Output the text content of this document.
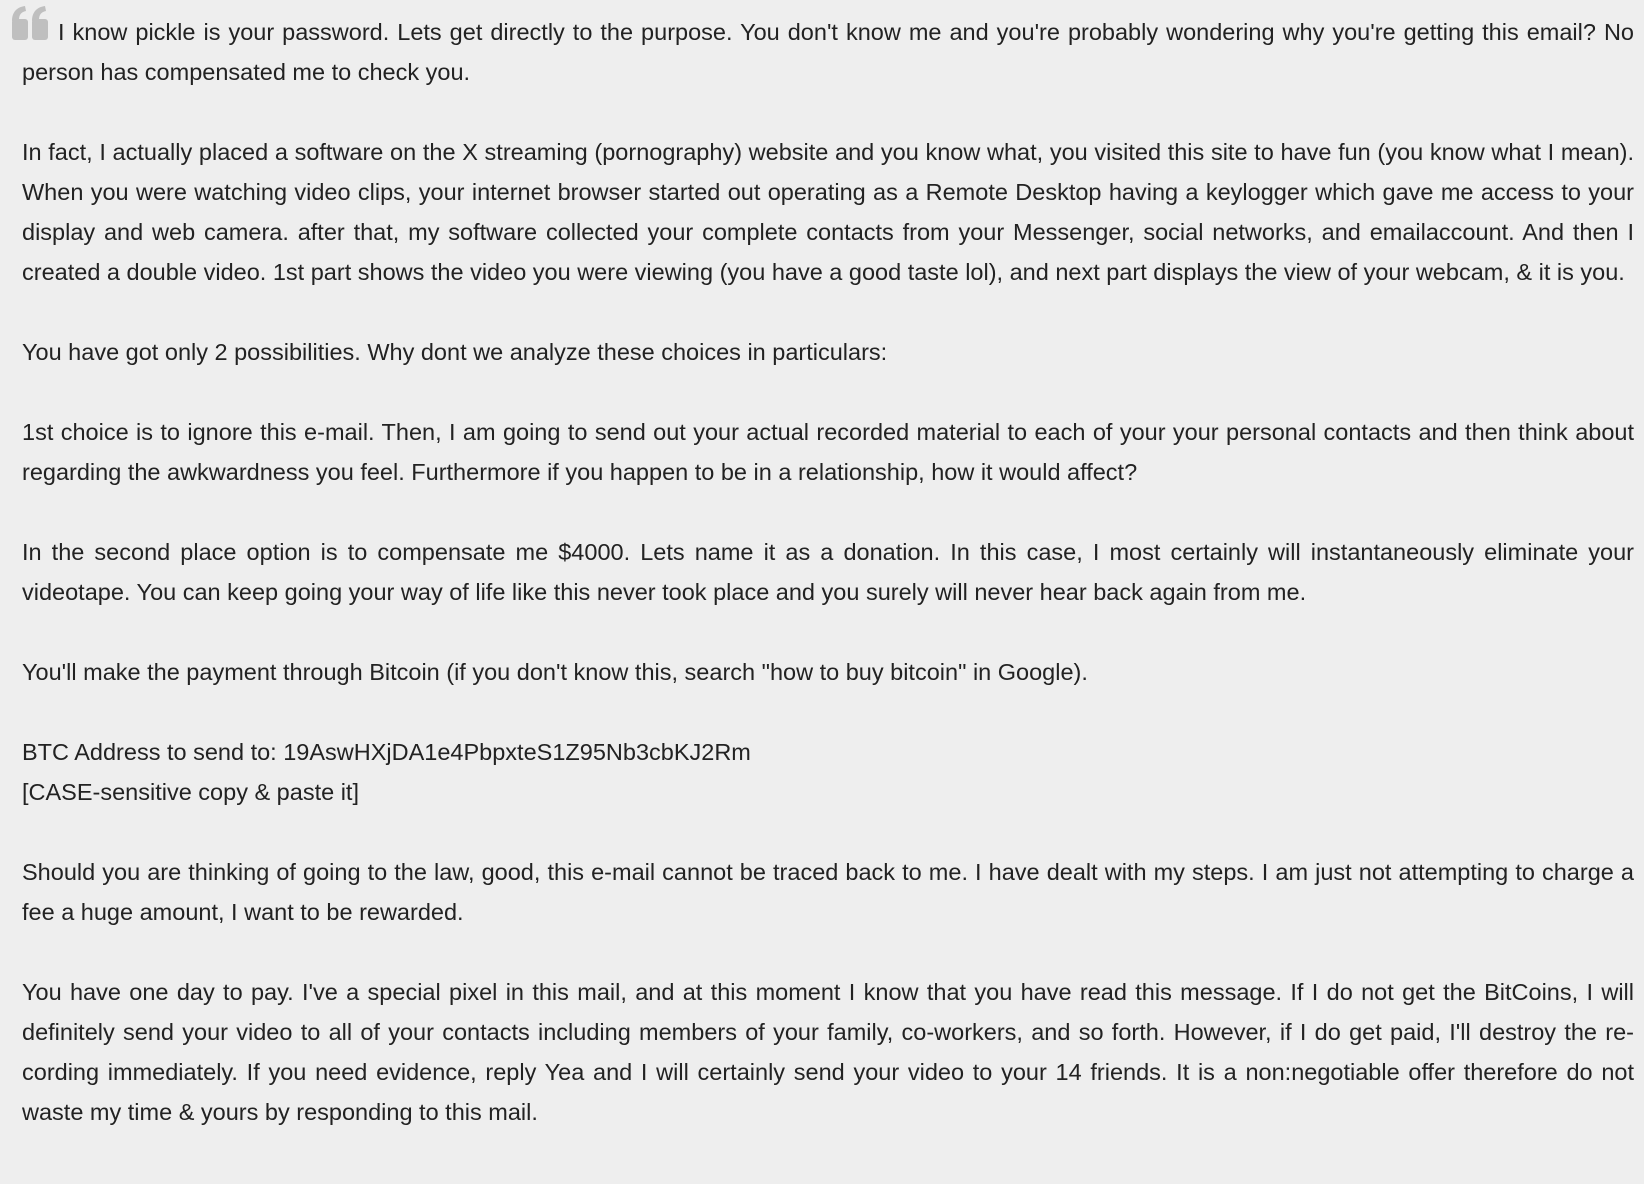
I know pickle is your password. Lets get directly to the purpose. You don't know me and you're probably wondering why you're getting this email? No person has compensated me to check you.

In fact, I actually placed a software on the X streaming (pornography) website and you know what, you visited this site to have fun (you know what I mean). When you were watching video clips, your internet browser started out operating as a Remote Desktop having a keylogger which gave me access to your display and web camera. after that, my software collected your complete contacts from your Messenger, social networks, and emailaccount. And then I created a double video. 1st part shows the video you were viewing (you have a good taste lol), and next part displays the view of your webcam, & it is you.

You have got only 2 possibilities. Why dont we analyze these choices in particulars:

1st choice is to ignore this e-mail. Then, I am going to send out your actual recorded material to each of your your personal contacts and then think about regarding the awkwardness you feel. Furthermore if you happen to be in a relationship, how it would affect?

In the second place option is to compensate me $4000. Lets name it as a donation. In this case, I most certainly will instantaneously eliminate your videotape. You can keep going your way of life like this never took place and you surely will never hear back again from me.

You'll make the payment through Bitcoin (if you don't know this, search "how to buy bitcoin" in Google).

BTC Address to send to: 19AswHXjDA1e4PbpxteS1Z95Nb3cbKJ2Rm
[CASE-sensitive copy & paste it]

Should you are thinking of going to the law, good, this e-mail cannot be traced back to me. I have dealt with my steps. I am just not attempting to charge a fee a huge amount, I want to be rewarded.

You have one day to pay. I've a special pixel in this mail, and at this moment I know that you have read this message. If I do not get the BitCoins, I will definitely send your video to all of your contacts including members of your family, co-workers, and so forth. However, if I do get paid, I'll destroy the recording immediately. If you need evidence, reply Yea and I will certainly send your video to your 14 friends. It is a non:negotiable offer therefore do not waste my time & yours by responding to this mail.
